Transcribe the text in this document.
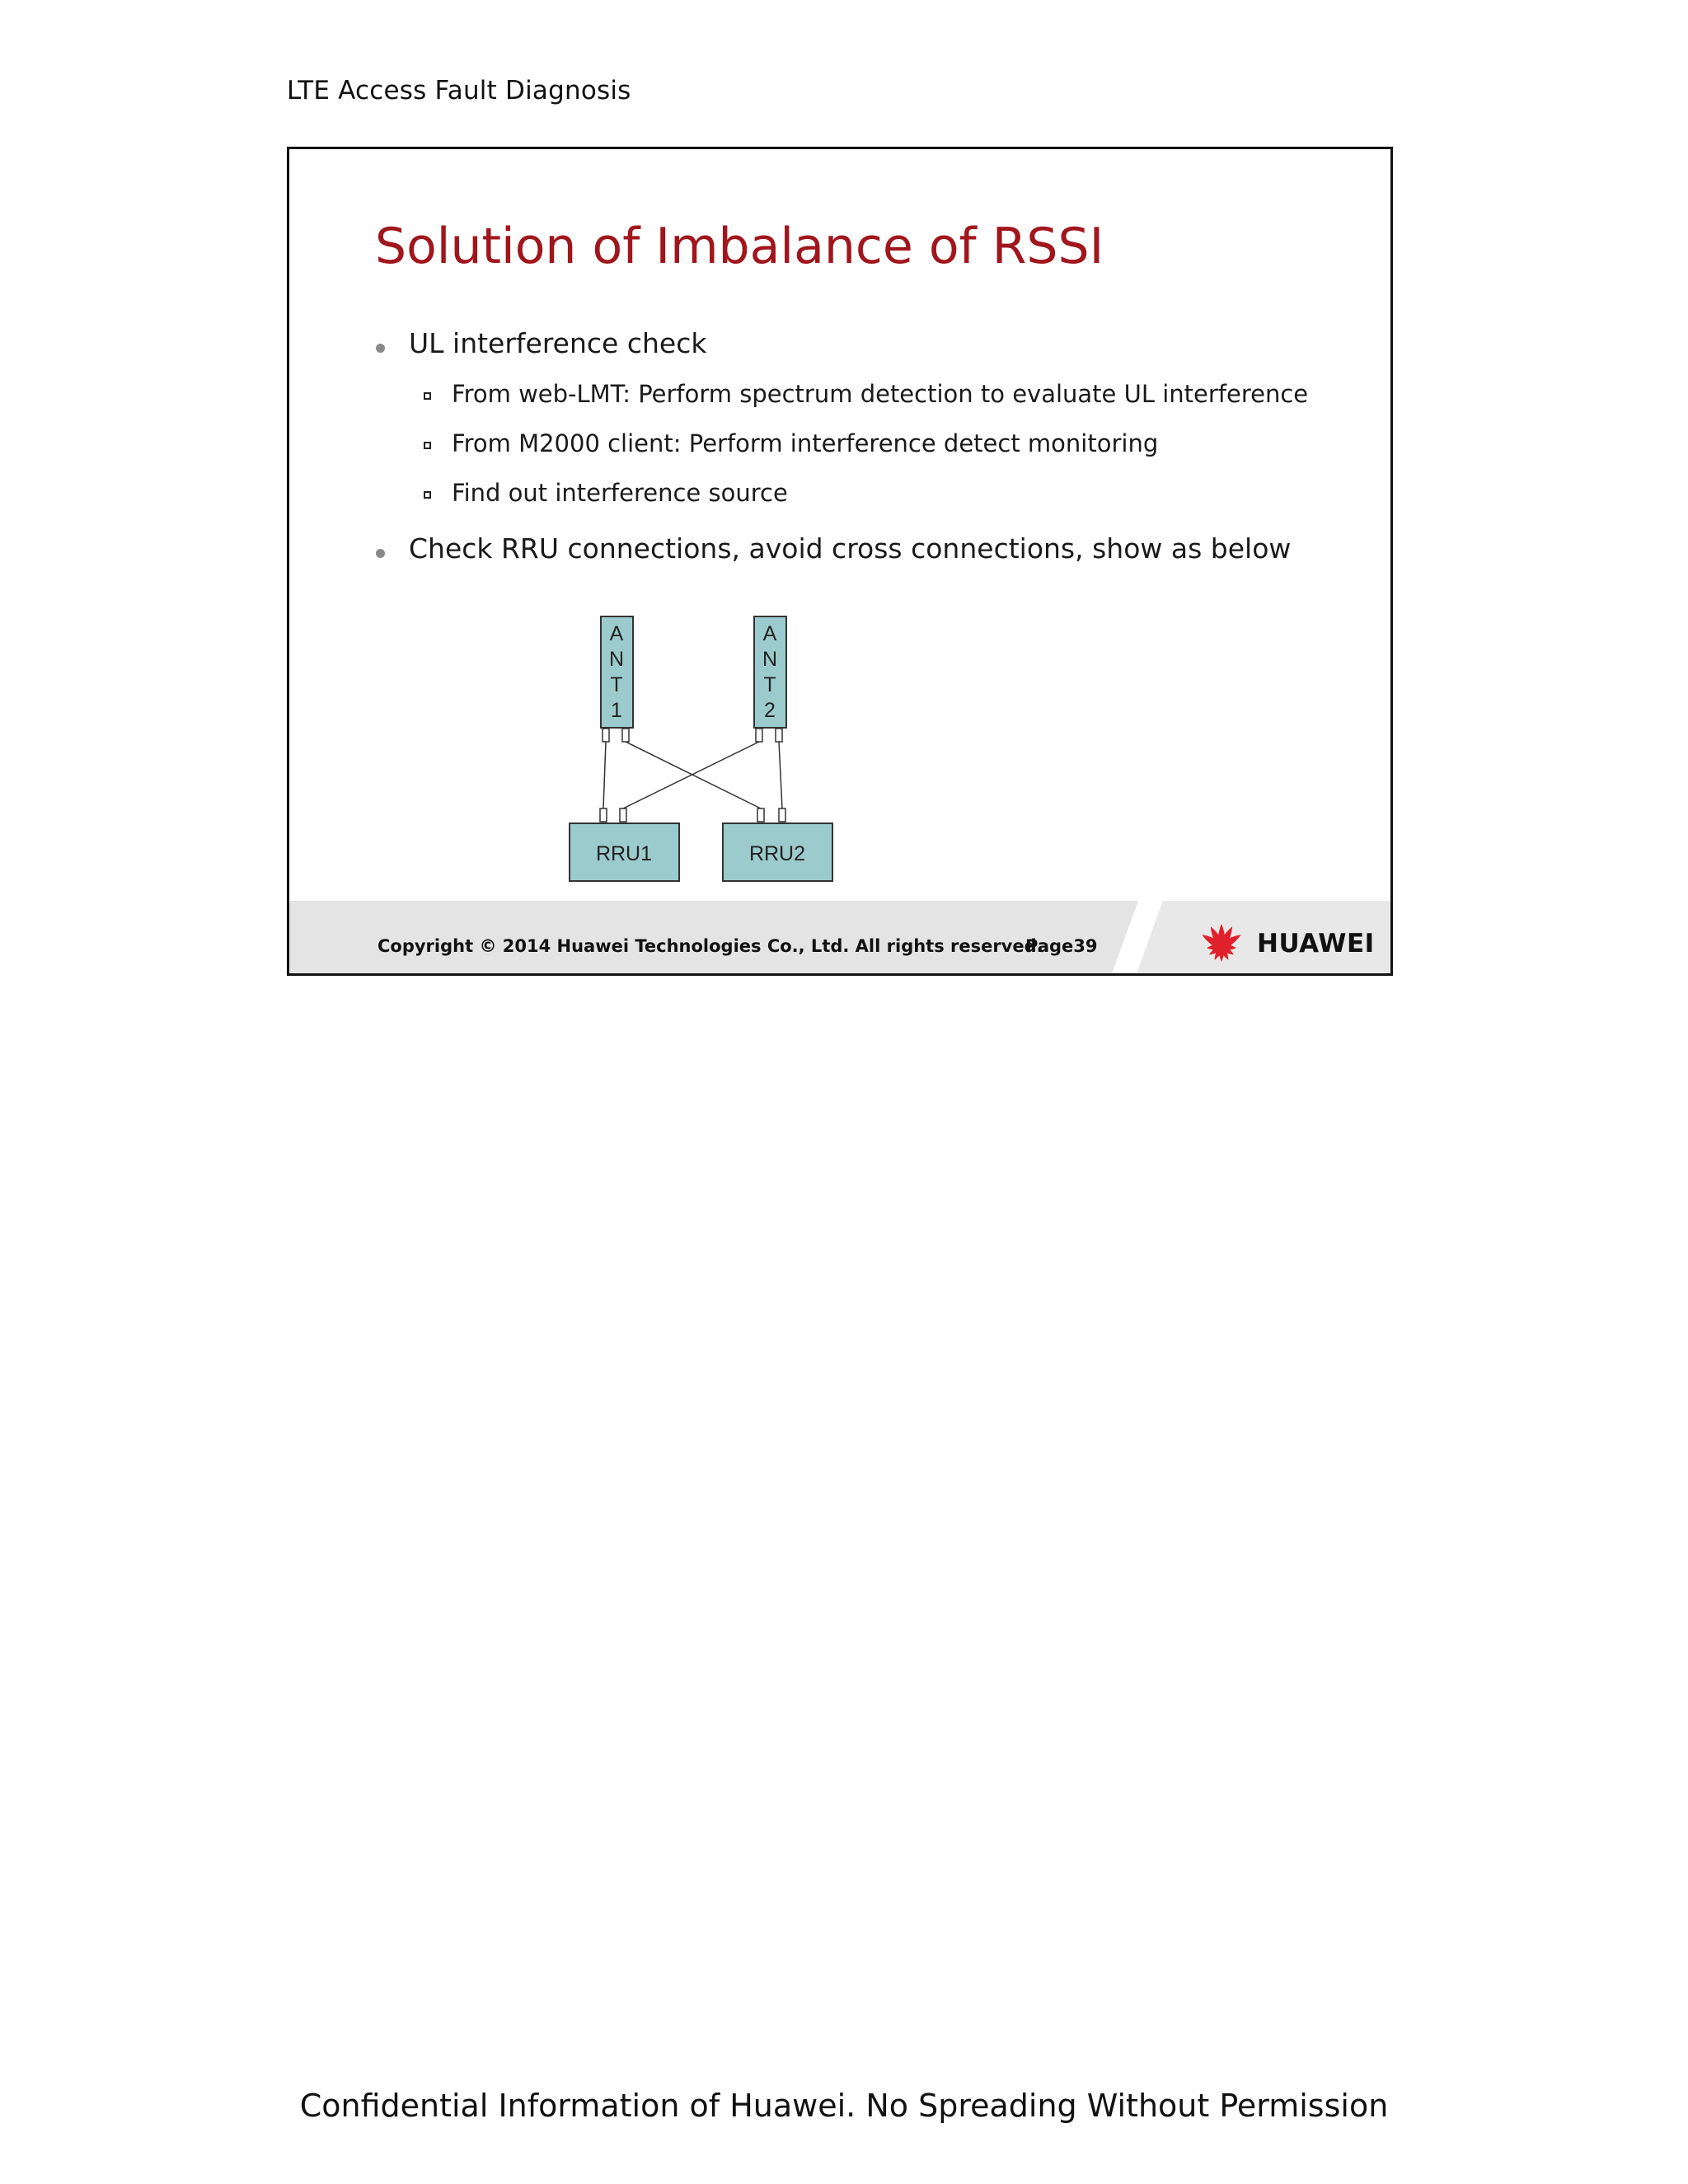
LTE Access Fault Diagnosis
Solution of Imbalance of RSSI
UL interference check
From web-LMT: Perform spectrum detection to evaluate UL interference
From M2000 client: Perform interference detect monitoring
Find out interference source
Check RRU connections, avoid cross connections, show as below
A
N
T
1
A
N
T
2
RRU1	RRU2
Copyright © 2014 Huawei Technologies Co., Ltd. All rights reserved.
Page39	HUAWEI
Confidential Information of Huawei. No Spreading Without Permission
